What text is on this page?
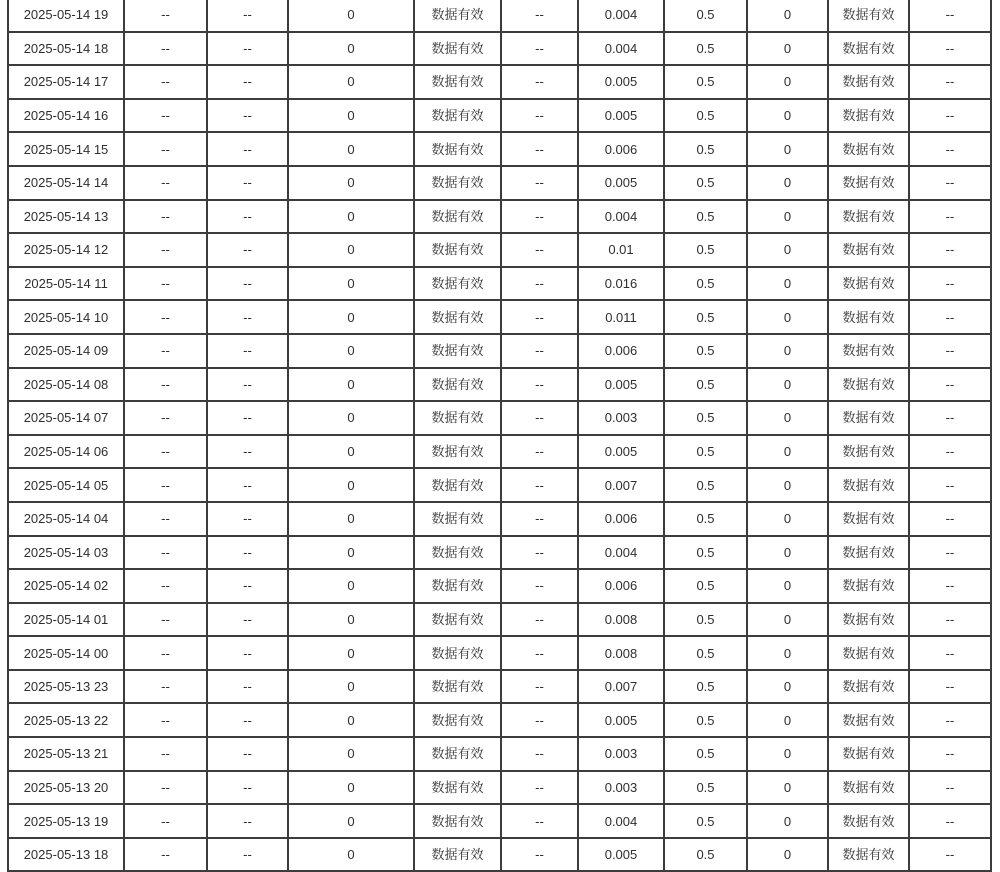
2025-05-14 19	--	--	0	数据有效	--	0.004	0.5	0	数据有效	--
2025-05-14 18	--	--	0	数据有效	--	0.004	0.5	0	数据有效	--
2025-05-14 17	--	--	0	数据有效	--	0.005	0.5	0	数据有效	--
2025-05-14 16	--	--	0	数据有效	--	0.005	0.5	0	数据有效	--
2025-05-14 15	--	--	0	数据有效	--	0.006	0.5	0	数据有效	--
2025-05-14 14	--	--	0	数据有效	--	0.005	0.5	0	数据有效	--
2025-05-14 13	--	--	0	数据有效	--	0.004	0.5	0	数据有效	--
2025-05-14 12	--	--	0	数据有效	--	0.01	0.5	0	数据有效	--
2025-05-14 11	--	--	0	数据有效	--	0.016	0.5	0	数据有效	--
2025-05-14 10	--	--	0	数据有效	--	0.011	0.5	0	数据有效	--
2025-05-14 09	--	--	0	数据有效	--	0.006	0.5	0	数据有效	--
2025-05-14 08	--	--	0	数据有效	--	0.005	0.5	0	数据有效	--
2025-05-14 07	--	--	0	数据有效	--	0.003	0.5	0	数据有效	--
2025-05-14 06	--	--	0	数据有效	--	0.005	0.5	0	数据有效	--
2025-05-14 05	--	--	0	数据有效	--	0.007	0.5	0	数据有效	--
2025-05-14 04	--	--	0	数据有效	--	0.006	0.5	0	数据有效	--
2025-05-14 03	--	--	0	数据有效	--	0.004	0.5	0	数据有效	--
2025-05-14 02	--	--	0	数据有效	--	0.006	0.5	0	数据有效	--
2025-05-14 01	--	--	0	数据有效	--	0.008	0.5	0	数据有效	--
2025-05-14 00	--	--	0	数据有效	--	0.008	0.5	0	数据有效	--
2025-05-13 23	--	--	0	数据有效	--	0.007	0.5	0	数据有效	--
2025-05-13 22	--	--	0	数据有效	--	0.005	0.5	0	数据有效	--
2025-05-13 21	--	--	0	数据有效	--	0.003	0.5	0	数据有效	--
2025-05-13 20	--	--	0	数据有效	--	0.003	0.5	0	数据有效	--
2025-05-13 19	--	--	0	数据有效	--	0.004	0.5	0	数据有效	--
2025-05-13 18	--	--	0	数据有效	--	0.005	0.5	0	数据有效	--
